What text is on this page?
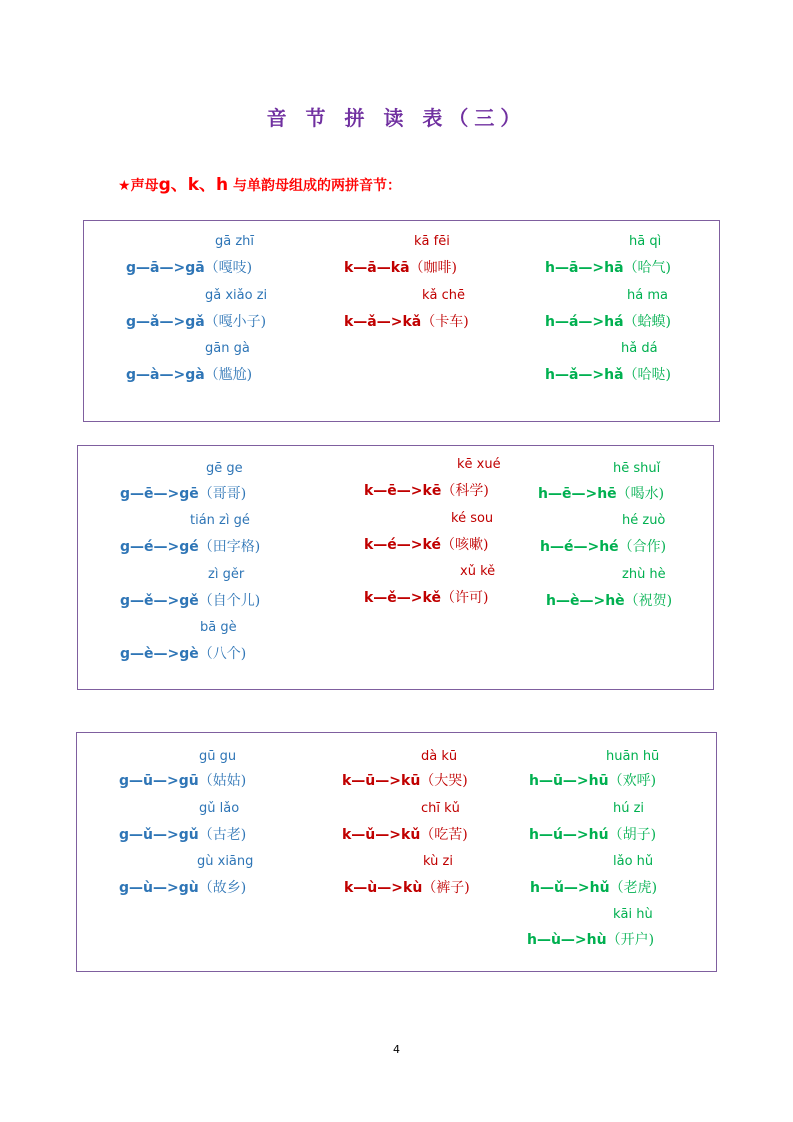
音 节 拼 读 表（三）
★声母g、k、h 与单韵母组成的两拼音节：
gā zhī
g—ā—>gā（嘎吱)
gǎ xiǎo zi
g—ǎ—>gǎ（嘎小子)
gān gà
g—à—>gà（尴尬)
kā fēi
k—ā—kā（咖啡)
kǎ chē
k—ǎ—>kǎ（卡车)
hā qì
h—ā—>hā（哈气)
há ma
h—á—>há（蛤蟆)
hǎ dá
h—ǎ—>hǎ（哈哒)
gē ge
g—ē—>gē（哥哥)
tián zì gé
g—é—>gé（田字格)
zì gěr
g—ě—>gě（自个儿)
bā gè
g—è—>gè（八个)
kē xué
k—ē—>kē（科学)
ké sou
k—é—>ké（咳嗽)
xǔ kě
k—ě—>kě（许可)
hē shuǐ
h—ē—>hē（喝水)
hé zuò
h—é—>hé（合作)
zhù hè
h—è—>hè（祝贺)
gū gu
g—ū—>gū（姑姑)
gǔ lǎo
g—ǔ—>gǔ（古老)
gù xiāng
g—ù—>gù（故乡)
dà kū
k—ū—>kū（大哭)
chī kǔ
k—ǔ—>kǔ（吃苦)
kù zi
k—ù—>kù（裤子)
huān hū
h—ū—>hū（欢呼)
hú zi
h—ú—>hú（胡子)
lǎo hǔ
h—ǔ—>hǔ（老虎)
kāi hù
h—ù—>hù（开户)
4
